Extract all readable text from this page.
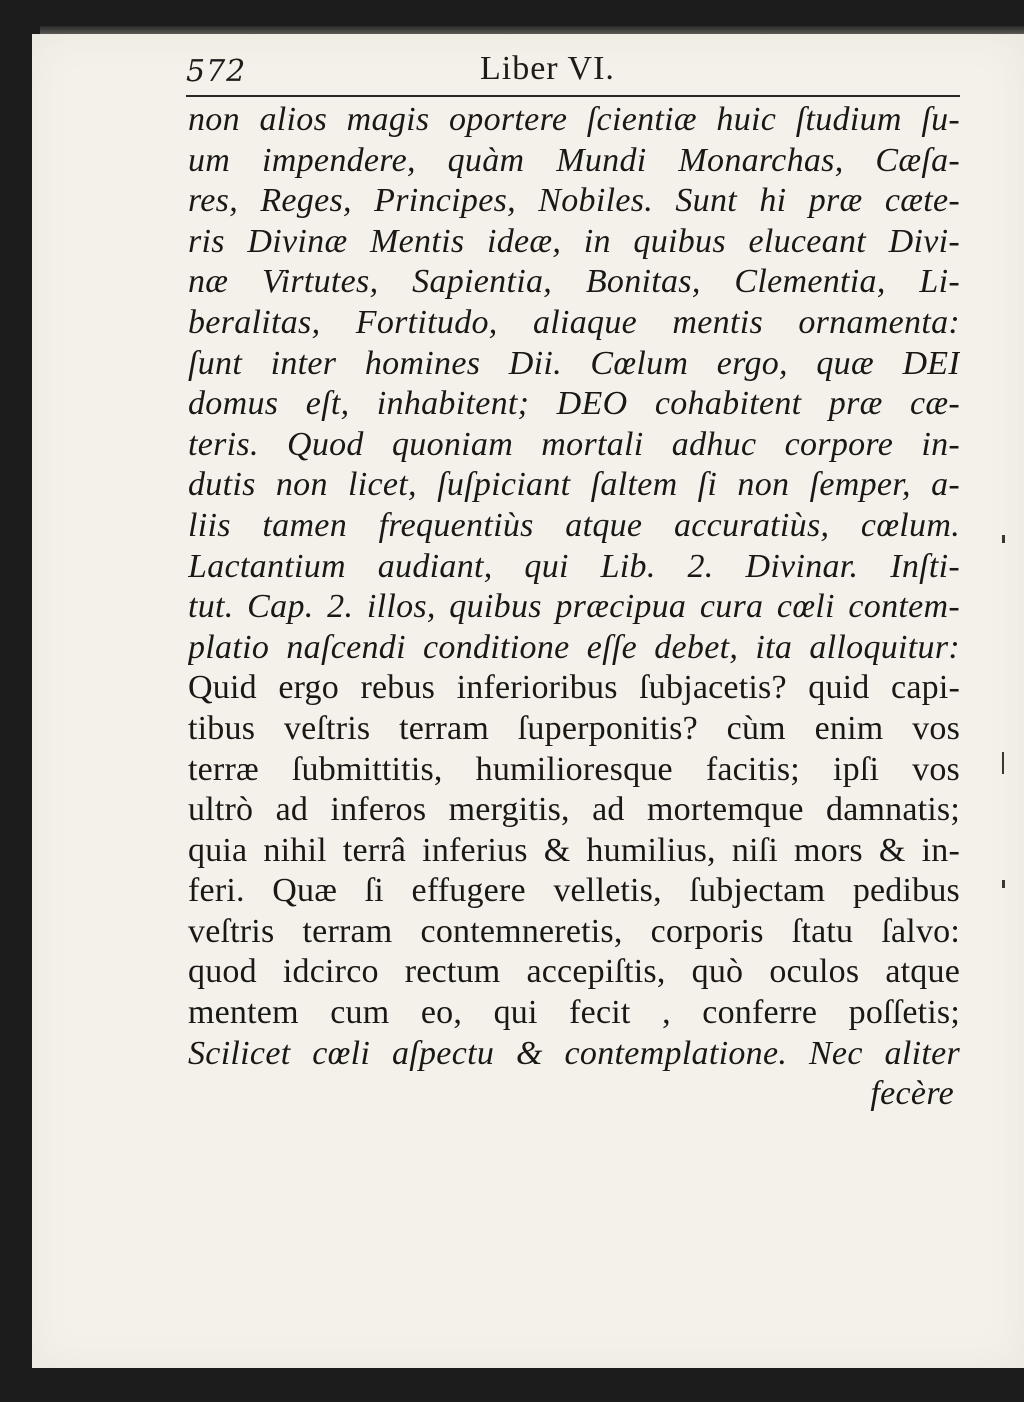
572	Liber VI.
non alios magis oportere ſcientiæ huic ſtudium ſu-
um impendere, quàm Mundi Monarchas, Cæſa-
res, Reges, Principes, Nobiles. Sunt hi præ cæte-
ris Divinæ Mentis ideæ, in quibus eluceant Divi-
næ Virtutes, Sapientia, Bonitas, Clementia, Li-
beralitas, Fortitudo, aliaque mentis ornamenta:
ſunt inter homines Dii. Cœlum ergo, quæ DEI
domus eſt, inhabitent; DEO cohabitent præ cæ-
teris. Quod quoniam mortali adhuc corpore in-
dutis non licet, ſuſpiciant ſaltem ſi non ſemper, a-
liis tamen frequentiùs atque accuratiùs, cœlum.
Lactantium audiant, qui Lib. 2. Divinar. Inſti-
tut. Cap. 2. illos, quibus præcipua cura cœli contem-
platio naſcendi conditione eſſe debet, ita alloquitur:
Quid ergo rebus inferioribus ſubjacetis? quid capi-
tibus veſtris terram ſuperponitis? cùm enim vos
terræ ſubmittitis, humilioresque facitis; ipſi vos
ultrò ad inferos mergitis, ad mortemque damnatis;
quia nihil terrâ inferius & humilius, niſi mors & in-
feri. Quæ ſi effugere velletis, ſubjectam pedibus
veſtris terram contemneretis, corporis ſtatu ſalvo:
quod idcirco rectum accepiſtis, quò oculos atque
mentem cum eo, qui fecit , conferre poſſetis;
Scilicet cœli aſpectu & contemplatione. Nec aliter
fecère
